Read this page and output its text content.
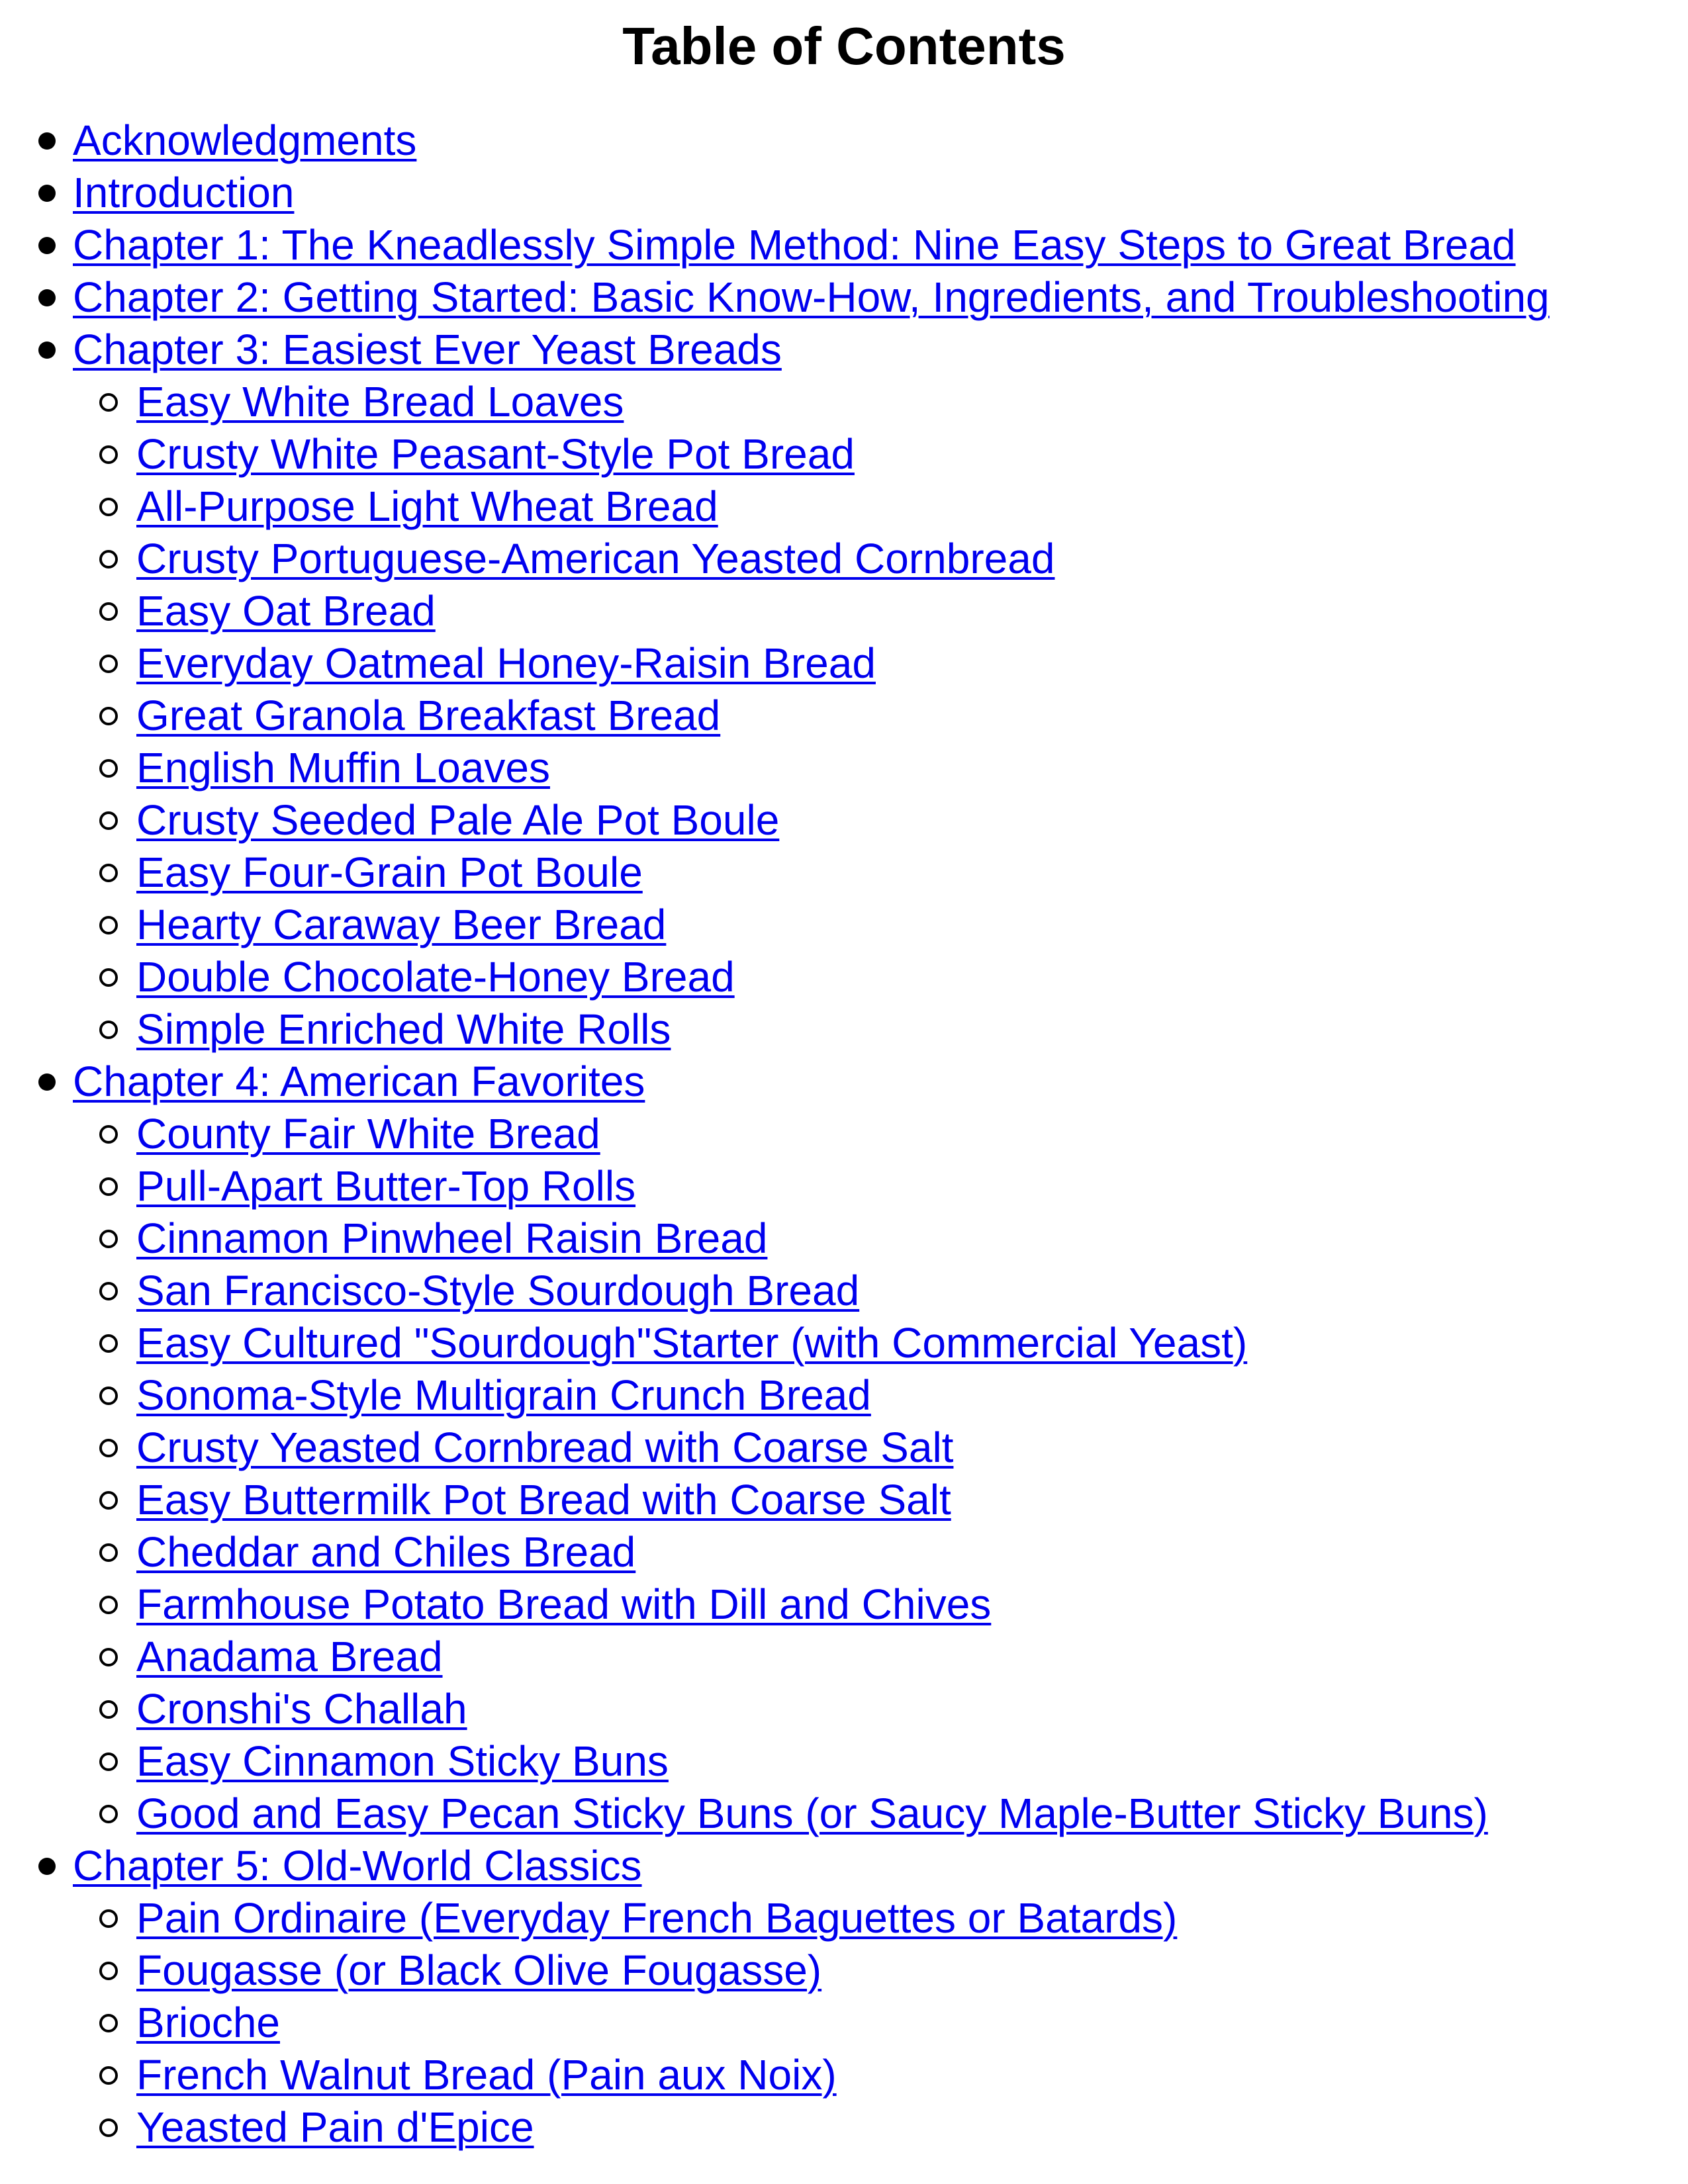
Table of Contents
Acknowledgments
Introduction
Chapter 1: The Kneadlessly Simple Method: Nine Easy Steps to Great Bread
Chapter 2: Getting Started: Basic Know-How, Ingredients, and Troubleshooting
Chapter 3: Easiest Ever Yeast Breads
Easy White Bread Loaves
Crusty White Peasant-Style Pot Bread
All-Purpose Light Wheat Bread
Crusty Portuguese-American Yeasted Cornbread
Easy Oat Bread
Everyday Oatmeal Honey-Raisin Bread
Great Granola Breakfast Bread
English Muffin Loaves
Crusty Seeded Pale Ale Pot Boule
Easy Four-Grain Pot Boule
Hearty Caraway Beer Bread
Double Chocolate-Honey Bread
Simple Enriched White Rolls
Chapter 4: American Favorites
County Fair White Bread
Pull-Apart Butter-Top Rolls
Cinnamon Pinwheel Raisin Bread
San Francisco-Style Sourdough Bread
Easy Cultured "Sourdough"Starter (with Commercial Yeast)
Sonoma-Style Multigrain Crunch Bread
Crusty Yeasted Cornbread with Coarse Salt
Easy Buttermilk Pot Bread with Coarse Salt
Cheddar and Chiles Bread
Farmhouse Potato Bread with Dill and Chives
Anadama Bread
Cronshi's Challah
Easy Cinnamon Sticky Buns
Good and Easy Pecan Sticky Buns (or Saucy Maple-Butter Sticky Buns)
Chapter 5: Old-World Classics
Pain Ordinaire (Everyday French Baguettes or Batards)
Fougasse (or Black Olive Fougasse)
Brioche
French Walnut Bread (Pain aux Noix)
Yeasted Pain d'Epice
